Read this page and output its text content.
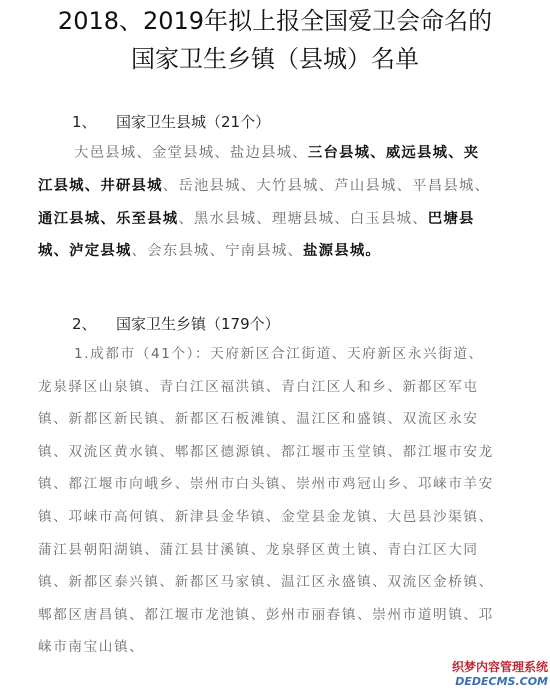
2018、2019年拟上报全国爱卫会命名的
国家卫生乡镇（县城）名单
1、 国家卫生县城（21个）

大邑县城、金堂县城、盐边县城、三台县城、威远县城、夹江县城、井研县城、岳池县城、大竹县城、芦山县城、平昌县城、通江县城、乐至县城、黑水县城、理塘县城、白玉县城、巴塘县城、泸定县城、会东县城、宁南县城、盐源县城。

2、 国家卫生乡镇（179个）

1.成都市（41个）：天府新区合江街道、天府新区永兴街道、龙泉驿区山泉镇、青白江区福洪镇、青白江区人和乡、新都区军屯镇、新都区新民镇、新都区石板滩镇、温江区和盛镇、双流区永安镇、双流区黄水镇、郫都区德源镇、都江堰市玉堂镇、都江堰市安龙镇、都江堰市向峨乡、崇州市白头镇、崇州市鸡冠山乡、邛崃市羊安镇、邛崃市高何镇、新津县金华镇、金堂县金龙镇、大邑县沙渠镇、蒲江县朝阳湖镇、蒲江县甘溪镇、龙泉驿区黄土镇、青白江区大同镇、新都区泰兴镇、新都区马家镇、温江区永盛镇、双流区金桥镇、郫都区唐昌镇、都江堰市龙池镇、彭州市丽春镇、崇州市道明镇、邛崃市南宝山镇、

织梦内容管理系统
DEDECMS.COM
